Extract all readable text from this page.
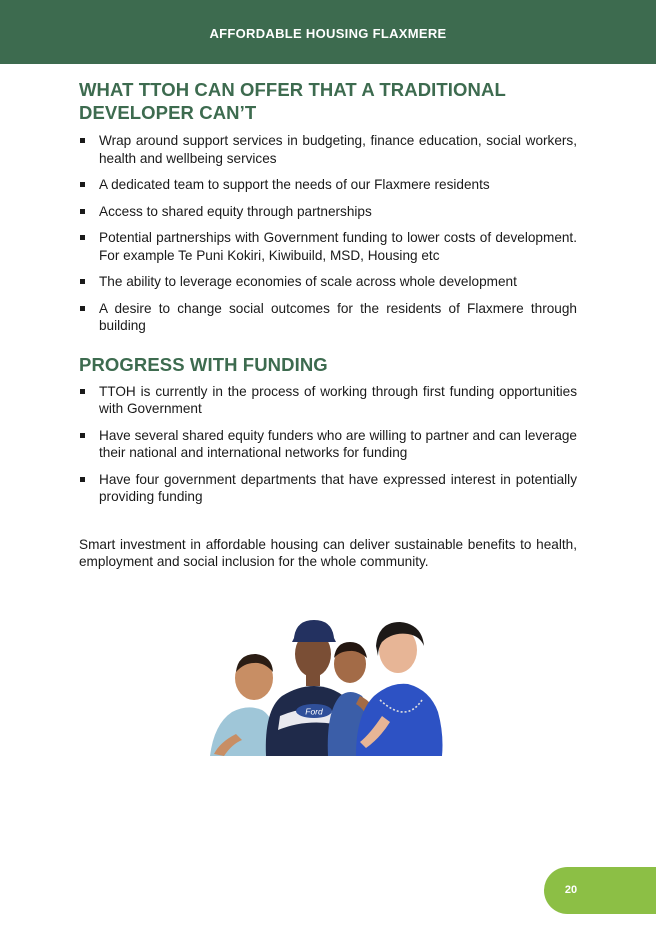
AFFORDABLE HOUSING FLAXMERE
WHAT TTOH CAN OFFER THAT A TRADITIONAL DEVELOPER CAN’T
Wrap around support services in budgeting, finance education, social workers, health and wellbeing services
A dedicated team to support the needs of our Flaxmere residents
Access to shared equity through partnerships
Potential partnerships with Government funding to lower costs of development. For example Te Puni Kokiri, Kiwibuild, MSD, Housing etc
The ability to leverage economies of scale across whole development
A desire to change social outcomes for the residents of Flaxmere through building
PROGRESS WITH FUNDING
TTOH is currently in the process of working through first funding opportunities with Government
Have several shared equity funders who are willing to partner and can leverage their national and international networks for funding
Have four government departments that have expressed interest in potentially providing funding

Smart investment in affordable housing can deliver sustainable benefits to health, employment and social inclusion for the whole community.

Ford
20
